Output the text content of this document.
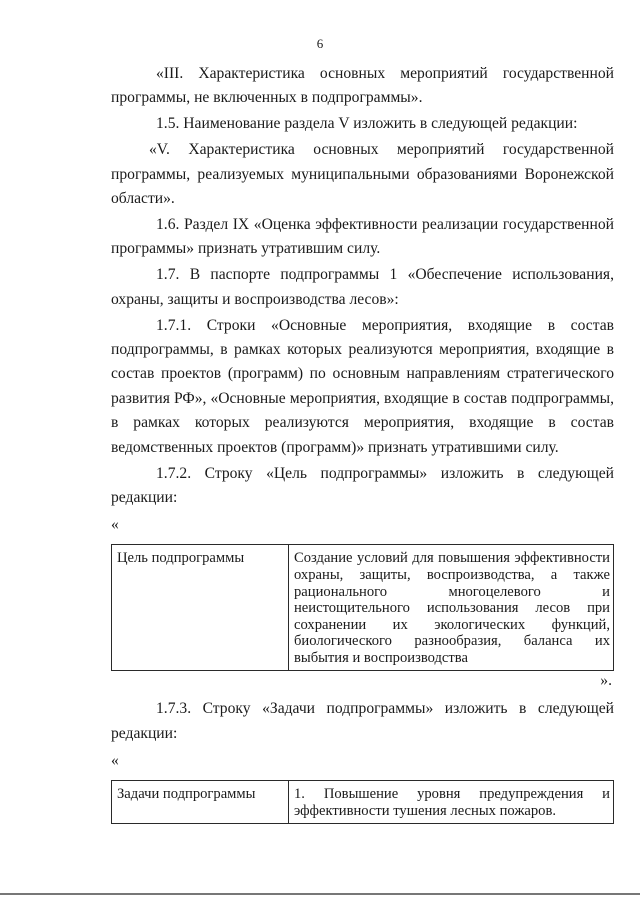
6

«III. Характеристика основных мероприятий государственной программы, не включенных в подпрограммы».

1.5. Наименование раздела V изложить в следующей редакции:

«V. Характеристика основных мероприятий государственной программы, реализуемых муниципальными образованиями Воронежской области».

1.6. Раздел IX «Оценка эффективности реализации государственной программы» признать утратившим силу.

1.7. В паспорте подпрограммы 1 «Обеспечение использования, охраны, защиты и воспроизводства лесов»:

1.7.1. Строки «Основные мероприятия, входящие в состав подпрограммы, в рамках которых реализуются мероприятия, входящие в состав проектов (программ) по основным направлениям стратегического развития РФ», «Основные мероприятия, входящие в состав подпрограммы, в рамках которых реализуются мероприятия, входящие в состав ведомственных проектов (программ)» признать утратившими силу.

1.7.2. Строку «Цель подпрограммы» изложить в следующей редакции:

«
Цель подпрограммы	Создание условий для повышения эффективности охраны, защиты, воспроизводства, а также рационального многоцелевого и неистощительного использования лесов при сохранении их экологических функций, биологического разнообразия, баланса их выбытия и воспроизводства
».

1.7.3. Строку «Задачи подпрограммы» изложить в следующей редакции:

«
Задачи подпрограммы	1. Повышение уровня предупреждения и эффективности тушения лесных пожаров.
